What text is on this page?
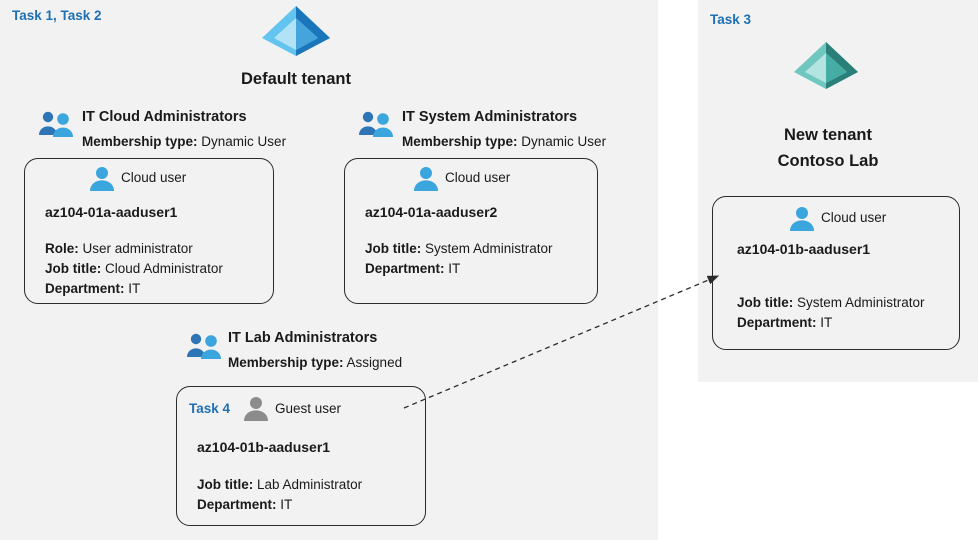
Task 1, Task 2	Task 3
Default tenant
New tenant
Contoso Lab
IT Cloud Administrators
Membership type: Dynamic User
Cloud user
az104-01a-aaduser1
Role: User administrator
Job title: Cloud Administrator
Department: IT
IT System Administrators
Membership type: Dynamic User
Cloud user
az104-01a-aaduser2
Job title: System Administrator
Department: IT
IT Lab Administrators
Membership type: Assigned
Task 4	Guest user
az104-01b-aaduser1
Job title: Lab Administrator
Department: IT
Cloud user
az104-01b-aaduser1
Job title: System Administrator
Department: IT
